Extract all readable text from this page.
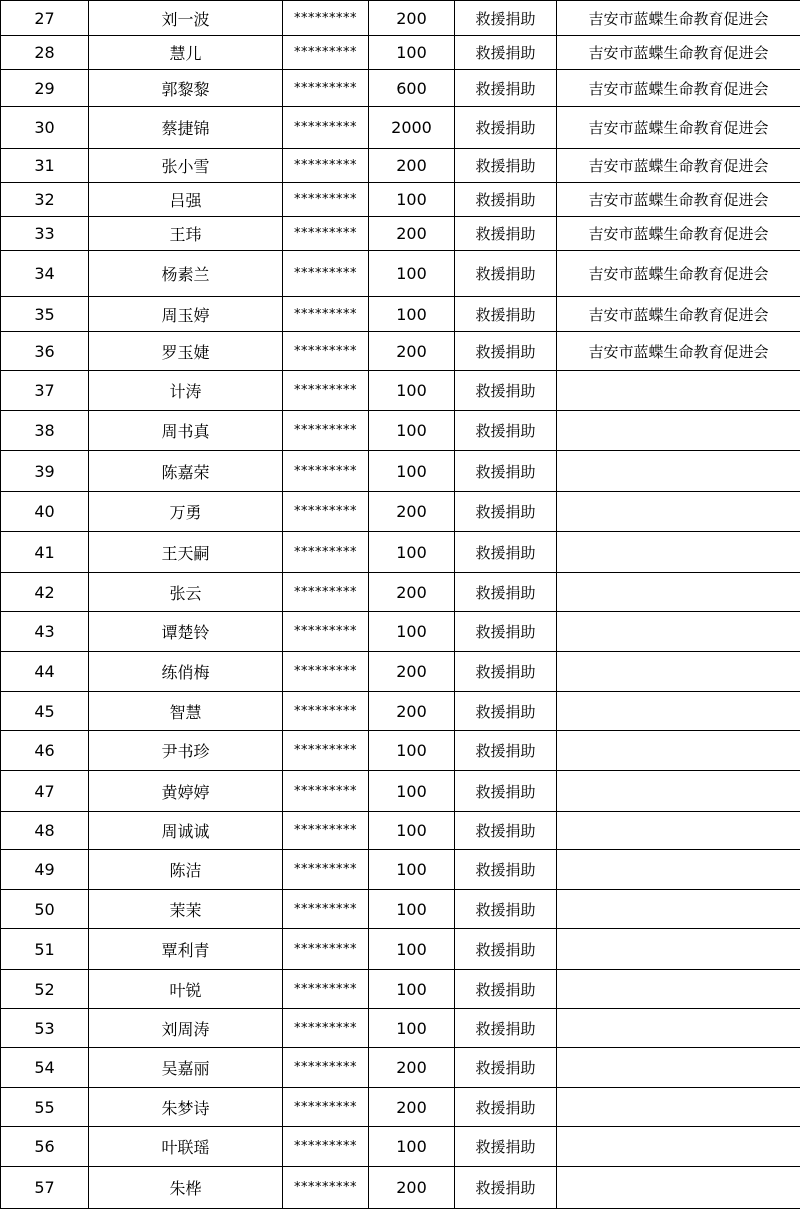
27	刘一波	*********	200	救援捐助	吉安市蓝蝶生命教育促进会
28	慧儿	*********	100	救援捐助	吉安市蓝蝶生命教育促进会
29	郭黎黎	*********	600	救援捐助	吉安市蓝蝶生命教育促进会
30	蔡捷锦	*********	2000	救援捐助	吉安市蓝蝶生命教育促进会
31	张小雪	*********	200	救援捐助	吉安市蓝蝶生命教育促进会
32	吕强	*********	100	救援捐助	吉安市蓝蝶生命教育促进会
33	王玮	*********	200	救援捐助	吉安市蓝蝶生命教育促进会
34	杨素兰	*********	100	救援捐助	吉安市蓝蝶生命教育促进会
35	周玉婷	*********	100	救援捐助	吉安市蓝蝶生命教育促进会
36	罗玉婕	*********	200	救援捐助	吉安市蓝蝶生命教育促进会
37	计涛	*********	100	救援捐助	
38	周书真	*********	100	救援捐助	
39	陈嘉荣	*********	100	救援捐助	
40	万勇	*********	200	救援捐助	
41	王天嗣	*********	100	救援捐助	
42	张云	*********	200	救援捐助	
43	谭楚铃	*********	100	救援捐助	
44	练俏梅	*********	200	救援捐助	
45	智慧	*********	200	救援捐助	
46	尹书珍	*********	100	救援捐助	
47	黄婷婷	*********	100	救援捐助	
48	周诚诚	*********	100	救援捐助	
49	陈洁	*********	100	救援捐助	
50	茉茉	*********	100	救援捐助	
51	覃利青	*********	100	救援捐助	
52	叶锐	*********	100	救援捐助	
53	刘周涛	*********	100	救援捐助	
54	吴嘉丽	*********	200	救援捐助	
55	朱梦诗	*********	200	救援捐助	
56	叶联瑶	*********	100	救援捐助	
57	朱桦	*********	200	救援捐助	
